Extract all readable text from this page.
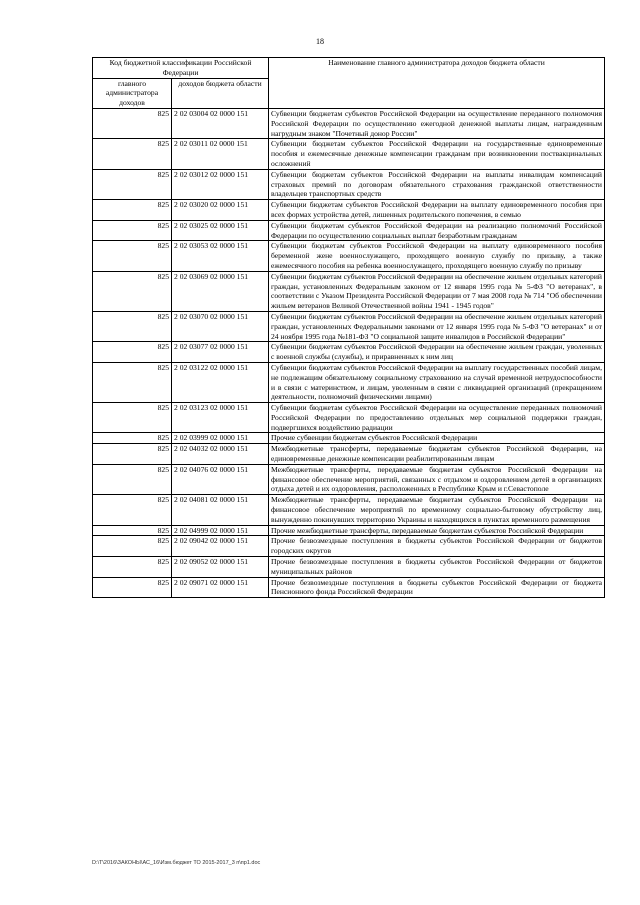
18
Код бюджетной классификации Российской Федерации		Наименование главного администратора доходов бюджета области
главного администратора доходов	доходов бюджета области	
825	2 02 03004 02 0000 151	Субвенции бюджетам субъектов Российской Федерации на осуществление переданного полномочия Российской Федерации по осуществлению ежегодной денежной выплаты лицам, награжденным нагрудным знаком "Почетный донор России"
825	2 02 03011 02 0000 151	Субвенции бюджетам субъектов Российской Федерации на государственные единовременные пособия и ежемесячные денежные компенсации гражданам при возникновении поствакцинальных осложнений
825	2 02 03012 02 0000 151	Субвенции бюджетам субъектов Российской Федерации на выплаты инвалидам компенсаций страховых премий по договорам обязательного страхования гражданской ответственности владельцев транспортных средств
825	2 02 03020 02 0000 151	Субвенции бюджетам субъектов Российской Федерации на выплату единовременного пособия при всех формах устройства детей, лишенных родительского попечения, в семью
825	2 02 03025 02 0000 151	Субвенции бюджетам субъектов Российской Федерации на реализацию полномочий Российской Федерации по осуществлению социальных выплат безработным гражданам
825	2 02 03053 02 0000 151	Субвенции бюджетам субъектов Российской Федерации на выплату единовременного пособия беременной жене военнослужащего, проходящего военную службу по призыву, а также ежемесячного пособия на ребенка военнослужащего, проходящего военную службу по призыву
825	2 02 03069 02 0000 151	Субвенции бюджетам субъектов Российской Федерации на обеспечение жильем отдельных категорий граждан, установленных Федеральным законом от 12 января 1995 года № 5-ФЗ "О ветеранах", в соответствии с Указом Президента Российской Федерации от 7 мая 2008 года № 714 "Об обеспечении жильем ветеранов Великой Отечественной войны 1941 - 1945 годов"
825	2 02 03070 02 0000 151	Субвенции бюджетам субъектов Российской Федерации на обеспечение жильем отдельных категорий граждан, установленных Федеральными законами от 12 января 1995 года № 5-ФЗ "О ветеранах" и от 24 ноября 1995 года №181-ФЗ "О социальной защите инвалидов в Российской Федерации"
825	2 02 03077 02 0000 151	Субвенции бюджетам субъектов Российской Федерации на обеспечение жильем граждан, уволенных с военной службы (службы), и приравненных к ним лиц
825	2 02 03122 02 0000 151	Субвенции бюджетам субъектов Российской Федерации на выплату государственных пособий лицам, не подлежащим обязательному социальному страхованию на случай временной нетрудоспособности и в связи с материнством, и лицам, уволенным в связи с ликвидацией организаций (прекращением деятельности, полномочий физическими лицами)
825	2 02 03123 02 0000 151	Субвенции бюджетам субъектов Российской Федерации на осуществление переданных полномочий Российской Федерации по предоставлению отдельных мер социальной поддержки граждан, подвергшихся воздействию радиации
825	2 02 03999 02 0000 151	Прочие субвенции бюджетам субъектов Российской Федерации
825	2 02 04032 02 0000 151	Межбюджетные трансферты, передаваемые бюджетам субъектов Российской Федерации, на единовременные денежные компенсации реабилитированным лицам
825	2 02 04076 02 0000 151	Межбюджетные трансферты, передаваемые бюджетам субъектов Российской Федерации на финансовое обеспечение мероприятий, связанных с отдыхом и оздоровлением детей в организациях отдыха детей и их оздоровления, расположенных в Республике Крым и г.Севастополе
825	2 02 04081 02 0000 151	Межбюджетные трансферты, передаваемые бюджетам субъектов Российской Федерации на финансовое обеспечение мероприятий по временному социально-бытовому обустройству лиц, вынужденно покинувших территорию Украины и находящихся в пунктах временного размещения
825	2 02 04999 02 0000 151	Прочие межбюджетные трансферты, передаваемые бюджетам субъектов Российской Федерации
825	2 02 09042 02 0000 151	Прочие безвозмездные поступления в бюджеты субъектов Российской Федерации от бюджетов городских округов
825	2 02 09052 02 0000 151	Прочие безвозмездные поступления в бюджеты субъектов Российской Федерации от бюджетов муниципальных районов
825	2 02 09071 02 0000 151	Прочие безвозмездные поступления в бюджеты субъектов Российской Федерации от бюджета Пенсионного фонда Российской Федерации
D:\Т\2016\ЗАКОНЫ\АС_16\Изм.бюджет ТО 2015-2017_3 п\пр1.doc
